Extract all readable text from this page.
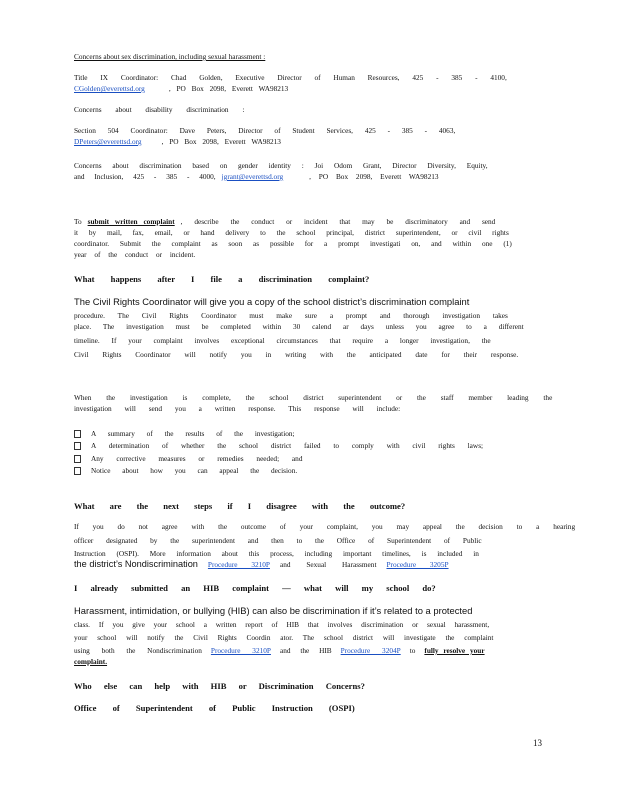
Concerns about sex discrimination, including sexual harassment :
Title IX Coordinator: Chad Golden, Executive Director of Human Resources, 425 - 385 - 4100,
CGolden@everettsd.org	, PO Box 2098, Everett WA98213
Concerns about disability discrimination :
Section 504 Coordinator: Dave Peters, Director of Student Services, 425 - 385 - 4063,
DPeters@everettsd.org	, PO Box 2098, Everett WA98213
Concerns about discrimination based on gender identity : Joi Odom Grant, Director Diversity, Equity,
and Inclusion, 425 - 385 - 4000, jgrant@everettsd.org	, PO Box 2098, Everett WA98213
To submit written complaint , describe the conduct or incident that may be discriminatory and send
it by mail, fax, email, or hand delivery to the school principal, district superintendent, or civil rights
coordinator. Submit the complaint as soon as possible for a prompt investigati on, and within one (1)
year of the conduct or incident.
What happens after I file a discrimination complaint?
The Civil Rights Coordinator will give you a copy of the school district’s discrimination complaint
procedure. The Civil Rights Coordinator must make sure a prompt and thorough investigation takes
place. The investigation must be completed within 30 calend ar days unless you agree to a different
timeline. If your complaint involves exceptional circumstances that require a longer investigation, the
Civil Rights Coordinator will notify you in writing with the anticipated date for their response.
When the investigation is complete, the school district superintendent or the staff member leading the
investigation will send you a written response. This response will include:
A summary of the results of the investigation;
A determination of whether the school district failed to comply with civil rights laws;
Any corrective measures or remedies needed; and
Notice about how you can appeal the decision.
What are the next steps if I disagree with the outcome?
If you do not agree with the outcome of your complaint, you may appeal the decision to a hearing
officer designated by the superintendent and then to the Office of Superintendent of Public
Instruction (OSPI). More information about this process, including important timelines, is included in
the district’s Nondiscrimination Procedure 3210P and Sexual Harassment Procedure 3205P
I already submitted an HIB complaint — what will my school do?
Harassment, intimidation, or bullying (HIB) can also be discrimination if it’s related to a protected
class. If you give your school a written report of HIB that involves discrimination or sexual harassment,
your school will notify the Civil Rights Coordin ator. The school district will investigate the complaint
using both the Nondiscrimination Procedure 3210P and the HIB Procedure 3204P to fully resolve your
complaint.
Who else can help with HIB or Discrimination Concerns?
Office of Superintendent of Public Instruction (OSPI)
13
